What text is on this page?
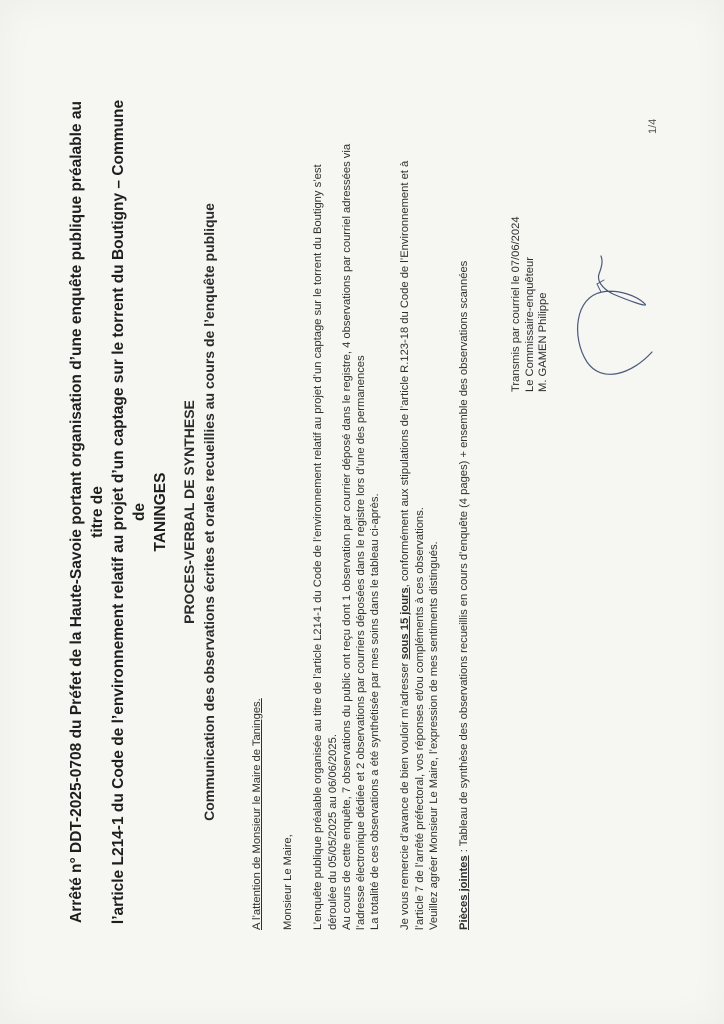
Arrêté n° DDT-2025-0708 du Préfet de la Haute-Savoie portant organisation d’une enquête publique préalable au titre de l’article L214-1 du Code de l’environnement relatif au projet d’un captage sur le torrent du Boutigny – Commune de TANINGES PROCES-VERBAL DE SYNTHESE Communication des observations écrites et orales recueillies au cours de l’enquête publique	A l’attention de Monsieur le Maire de Taninges. Monsieur Le Maire, L’enquête publique préalable organisée au titre de l’article L214-1 du Code de l’environnement relatif au projet d’un captage sur le torrent du Boutigny s’est déroulée du 05/05/2025 au 06/06/2025. Au cours de cette enquête, 7 observations du public ont reçu dont 1 observation par courrier déposé dans le registre, 4 observations par courriel adressées via l’adresse électronique dédiée et 2 observations par courriers déposées dans le registre lors d’une des permanences La totalité de ces observations a été synthétisée par mes soins dans le tableau ci-après. Je vous remercie d’avance de bien vouloir m’adresser sous 15 jours, conformément aux stipulations de l’article R.123-18 du Code de l’Environnement et à
l’article 7 de l’arrêté préfectoral, vos réponses et/ou compléments à ces observations. Veuillez agréer Monsieur Le Maire, l’expression de mes sentiments distingués. Pièces jointes : Tableau de synthèse des observations recueillis en cours d’enquête (4 pages) + ensemble des observations scannées	Transmis par courriel le 07/06/2024 Le Commissaire-enquêteur M. GAMEN Philippe
1/4
